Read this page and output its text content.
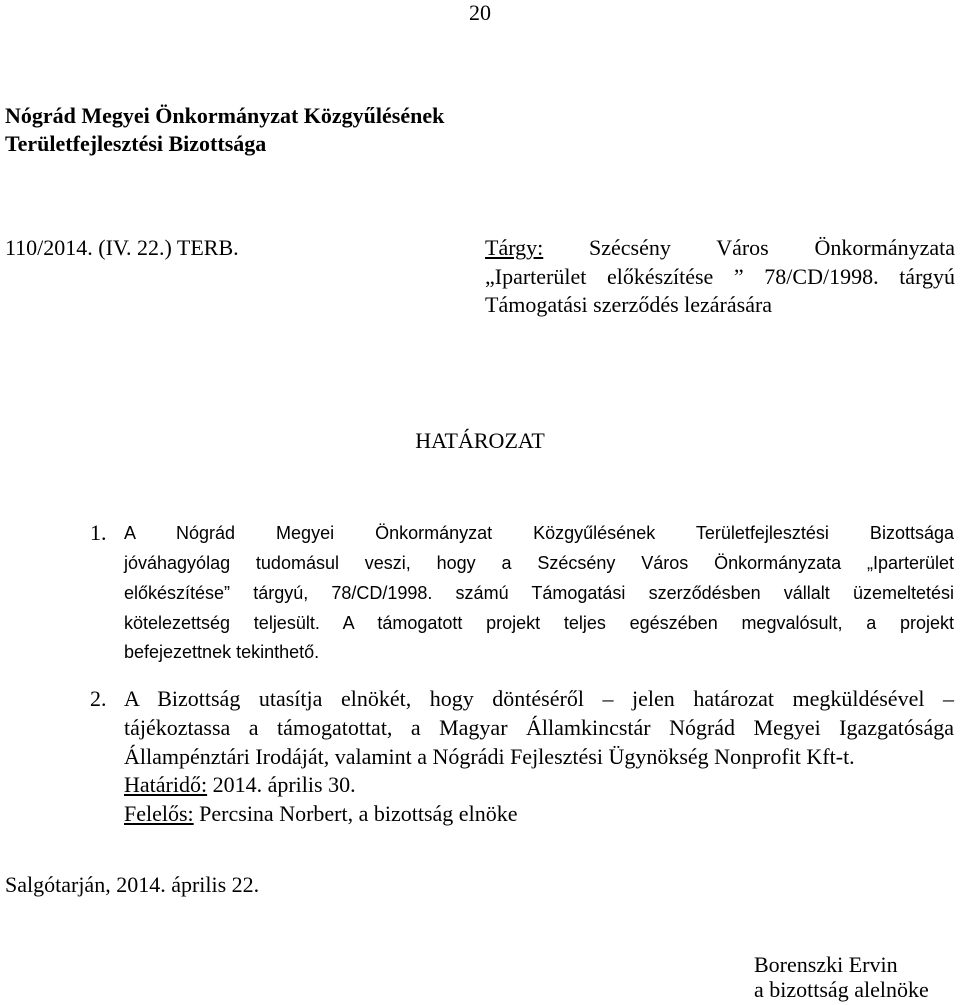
20
Nógrád Megyei Önkormányzat Közgyűlésének
Területfejlesztési Bizottsága
110/2014. (IV. 22.) TERB.	Tárgy: Szécsény Város Önkormányzata
„Iparterület előkészítése ” 78/CD/1998. tárgyú
Támogatási szerződés lezárására
HATÁROZAT
1. A Nógrád Megyei Önkormányzat Közgyűlésének Területfejlesztési Bizottsága
jóváhagyólag tudomásul veszi, hogy a Szécsény Város Önkormányzata „Iparterület
előkészítése” tárgyú, 78/CD/1998. számú Támogatási szerződésben vállalt üzemeltetési
kötelezettség teljesült. A támogatott projekt teljes egészében megvalósult, a projekt
befejezettnek tekinthető.
2. A Bizottság utasítja elnökét, hogy döntéséről – jelen határozat megküldésével –
tájékoztassa a támogatottat, a Magyar Államkincstár Nógrád Megyei Igazgatósága
Állampénztári Irodáját, valamint a Nógrádi Fejlesztési Ügynökség Nonprofit Kft-t.
Határidő: 2014. április 30.
Felelős: Percsina Norbert, a bizottság elnöke
Salgótarján, 2014. április 22.
Borenszki Ervin
a bizottság alelnöke
